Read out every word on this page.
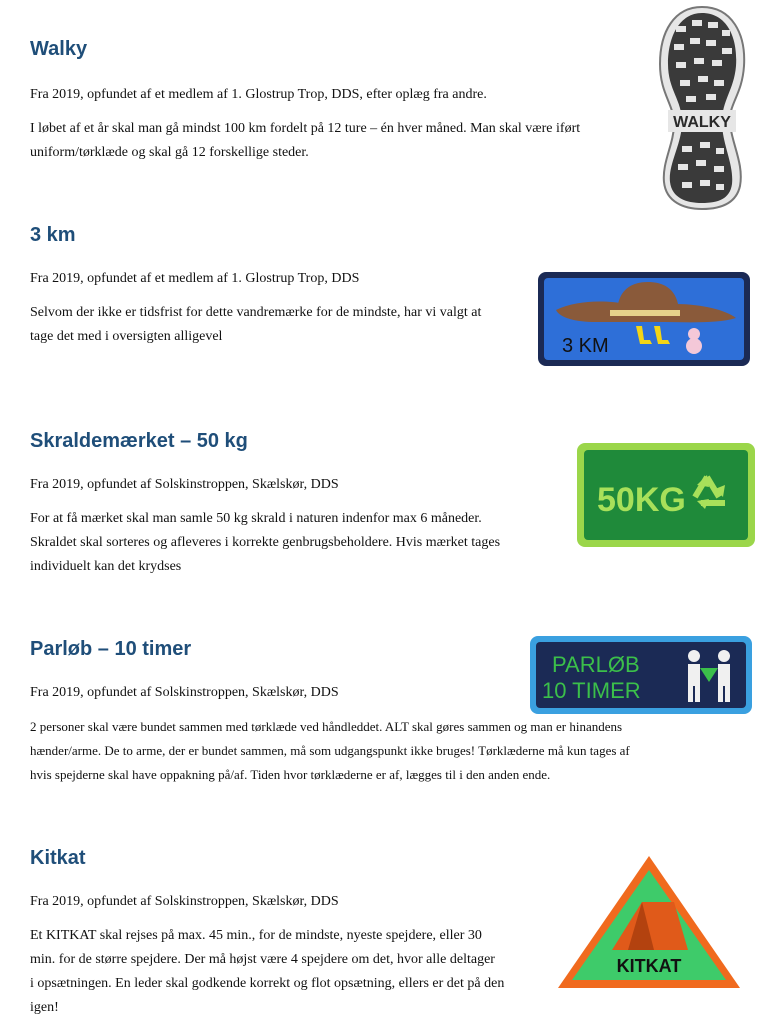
Walky

Fra 2019, opfundet af et medlem af 1. Glostrup Trop, DDS, efter oplæg fra andre.

I løbet af et år skal man gå mindst 100 km fordelt på 12 ture – én hver måned. Man skal være iført

uniform/tørklæde og skal gå 12 forskellige steder.

WALKY
3 km

Fra 2019, opfundet af et medlem af 1. Glostrup Trop, DDS

Selvom der ikke er tidsfrist for dette vandremærke for de mindste, har vi valgt at

tage det med i oversigten alligevel	3 KM
Skraldemærket – 50 kg

Fra 2019, opfundet af Solskinstroppen, Skælskør, DDS

For at få mærket skal man samle 50 kg skrald i naturen indenfor max 6 måneder.

Skraldet skal sorteres og afleveres i korrekte genbrugsbeholdere. Hvis mærket tages

individuelt kan det krydses

50KG
Parløb – 10 timer

Fra 2019, opfundet af Solskinstroppen, Skælskør, DDS

2 personer skal være bundet sammen med tørklæde ved håndleddet. ALT skal gøres sammen og man er hinandens

hænder/arme. De to arme, der er bundet sammen, må som udgangspunkt ikke bruges! Tørklæderne må kun tages af

hvis spejderne skal have oppakning på/af. Tiden hvor tørklæderne er af, lægges til i den anden ende.

PARLØB
10 TIMER
Kitkat

Fra 2019, opfundet af Solskinstroppen, Skælskør, DDS

Et KITKAT skal rejses på max. 45 min., for de mindste, nyeste spejdere, eller 30

min. for de større spejdere. Der må højst være 4 spejdere om det, hvor alle deltager

i opsætningen. En leder skal godkende korrekt og flot opsætning, ellers er det på den

igen!

KITKAT
